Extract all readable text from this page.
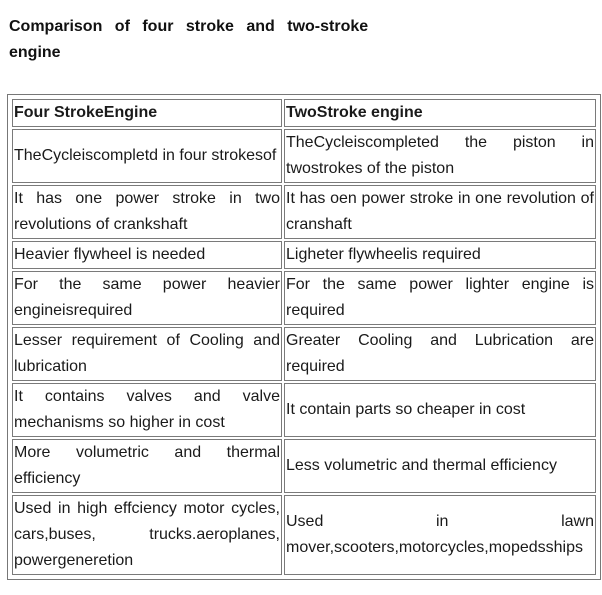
Comparison of four stroke and two-stroke engine
Four StrokeEngine	TwoStroke engine
TheCycleiscompletd in four strokesof	TheCycleiscompleted the piston in twostrokes of the piston
It has one power stroke in two revolutions of crankshaft	It has oen power stroke in one revolution of cranshaft
Heavier flywheel is needed	Ligheter flywheelis required
For the same power heavier engineisrequired	For the same power lighter engine is required
Lesser requirement of Cooling and lubrication	Greater Cooling and Lubrication are required
It contains valves and valve mechanisms so higher in cost	It contain parts so cheaper in cost
More volumetric and thermal efficiency	Less volumetric and thermal efficiency
Used in high effciency motor cycles, cars,buses, trucks.aeroplanes, powergeneretion	Used in lawn mover,scooters,motorcycles,mopedsships
